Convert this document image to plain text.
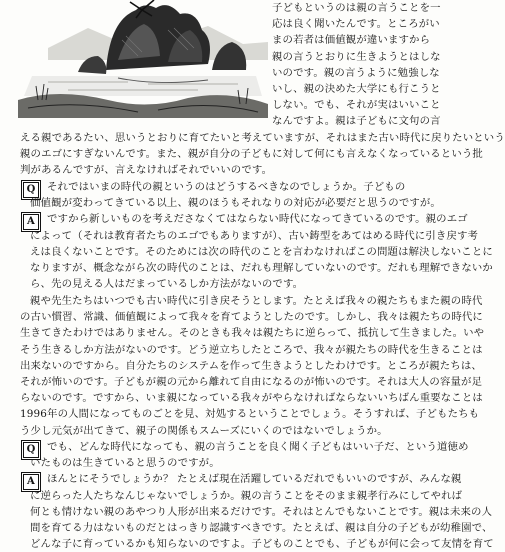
子どもというのは親の言うことを一
応は良く聞いたんです。ところがい
まの若者は価値観が違いますから
親の言うとおりに生きようとはしな
いのです。親の言うように勉強しな
いし、親の決めた大学にも行こうと
しない。でも、それが実はいいこと
なんですよ。親は子どもに文句の言
える親であるたい、思いうとおりに育てたいと考えていますが、それはまた古い時代に戻りたいという
親のエゴにすぎないんです。また、親が自分の子どもに対して何にも言えなくなっているという批
判があるんですが、言えなければそれでいいのです。
Q それではいまの時代の親というのはどうするべきなのでしょうか。子どもの
価値観が変わってきている以上、親のほうもそれなりの対応が必要だと思うのですが。
A ですから新しいものを考えださなくてはならない時代になってきているのです。親のエゴ
によって（それは教育者たちのエゴでもありますが）、古い鋳型をあてはめる時代に引き戻す考
えは良くないことです。そのためには次の時代のことを言わなければこの問題は解決しないことに
なりますが、概念ながら次の時代のことは、だれも理解していないのです。だれも理解できないか
ら、先の見える人はだまっているしか方法がないのです。
親や先生たちはいつでも古い時代に引き戻そうとします。たとえば我々の親たちもまた親の時代
の古い慣習、常識、価値観によって我々を育てようとしたのです。しかし、我々は親たちの時代に
生きてきたわけではありません。そのときも我々は親たちに逆らって、抵抗して生きました。いや
そう生きるしか方法がないのです。どう逆立ちしたところで、我々が親たちの時代を生きることは
出来ないのですから。自分たちのシステムを作って生きようとしたわけです。ところが親たちは、
それが怖いのです。子どもが親の元から離れて自由になるのが怖いのです。それは大人の容量が足
らないのです。ですから、いま親になっている我々がやらなければならないいちばん重要なことは
1996年の人間になってものごとを見、対処するということでしょう。そうすれば、子どもたちも
う少し元気が出てきて、親子の関係もスムーズにいくのではないでしょうか。
Q でも、どんな時代になっても、親の言うことを良く聞く子どもはいい子だ、という道徳め
いたものは生きていると思うのですが。
A ほんとにそうでしょうか？ たとえば現在活躍しているだれでもいいのですが、みんな親
に逆らった人たちなんじゃないでしょうか。親の言うことをそのまま親孝行みにしてやれば
何とも情けない親のあやつり人形が出来るだけです。それはとんでもないことです。親は未来の人
間を育てる力はないものだとはっきり認識すべきです。たとえば、親は自分の子どもが幼稚園で、
どんな子に育っているかも知らないのですよ。子どものことでも、子どもが何に会って友情を育て
